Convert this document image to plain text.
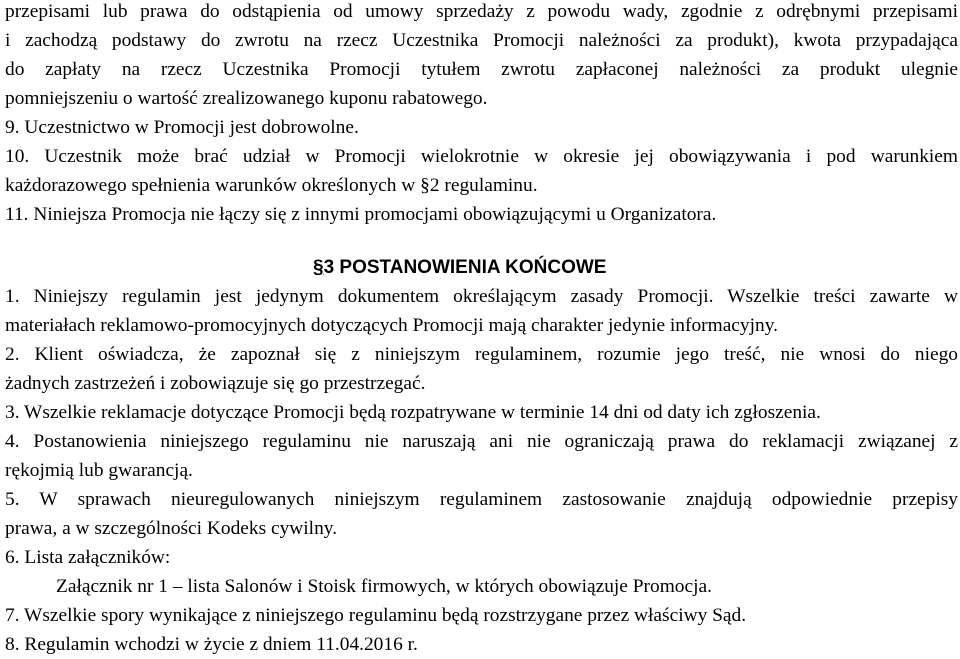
przepisami lub prawa do odstąpienia od umowy sprzedaży z powodu wady, zgodnie z odrębnymi przepisami
i zachodzą podstawy do zwrotu na rzecz Uczestnika Promocji należności za produkt), kwota przypadająca
do zapłaty na rzecz Uczestnika Promocji tytułem zwrotu zapłaconej należności za produkt ulegnie
pomniejszeniu o wartość zrealizowanego kuponu rabatowego.
9. Uczestnictwo w Promocji jest dobrowolne.
10. Uczestnik może brać udział w Promocji wielokrotnie w okresie jej obowiązywania i pod warunkiem
każdorazowego spełnienia warunków określonych w §2 regulaminu.
11. Niniejsza Promocja nie łączy się z innymi promocjami obowiązującymi u Organizatora.
§3 POSTANOWIENIA KOŃCOWE
1. Niniejszy regulamin jest jedynym dokumentem określającym zasady Promocji. Wszelkie treści zawarte w
materiałach reklamowo-promocyjnych dotyczących Promocji mają charakter jedynie informacyjny.
2. Klient oświadcza, że zapoznał się z niniejszym regulaminem, rozumie jego treść, nie wnosi do niego
żadnych zastrzeżeń i zobowiązuje się go przestrzegać.
3. Wszelkie reklamacje dotyczące Promocji będą rozpatrywane w terminie 14 dni od daty ich zgłoszenia.
4. Postanowienia niniejszego regulaminu nie naruszają ani nie ograniczają prawa do reklamacji związanej z
rękojmią lub gwarancją.
5. W sprawach nieuregulowanych niniejszym regulaminem zastosowanie znajdują odpowiednie przepisy
prawa, a w szczególności Kodeks cywilny.
6. Lista załączników:
Załącznik nr 1 – lista Salonów i Stoisk firmowych, w których obowiązuje Promocja.
7. Wszelkie spory wynikające z niniejszego regulaminu będą rozstrzygane przez właściwy Sąd.
8. Regulamin wchodzi w życie z dniem 11.04.2016 r.
